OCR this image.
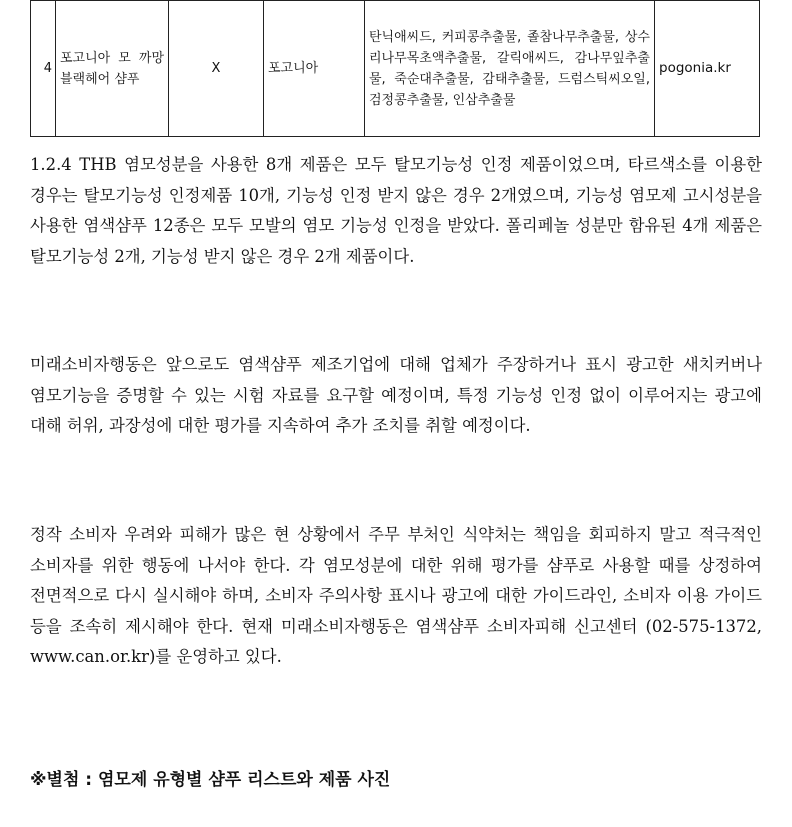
4	포고니아 모 까망 블랙헤어 샴푸	X	포고니아	탄닉애씨드, 커피콩추출물, 졸참나무추출물, 상수리나무목초액추출물, 갈릭애씨드, 감나무잎추출물, 죽순대추출물, 감태추출물, 드럼스틱씨오일, 검정콩추출물, 인삼추출물	pogonia.kr

1.2.4 THB 염모성분을 사용한 8개 제품은 모두 탈모기능성 인정 제품이었으며, 타르색소를 이용한 경우는 탈모기능성 인정제품 10개, 기능성 인정 받지 않은 경우 2개였으며, 기능성 염모제 고시성분을 사용한 염색샴푸 12종은 모두 모발의 염모 기능성 인정을 받았다. 폴리페놀 성분만 함유된 4개 제품은 탈모기능성 2개, 기능성 받지 않은 경우 2개 제품이다.

미래소비자행동은 앞으로도 염색샴푸 제조기업에 대해 업체가 주장하거나 표시 광고한 새치커버나 염모기능을 증명할 수 있는 시험 자료를 요구할 예정이며, 특정 기능성 인정 없이 이루어지는 광고에 대해 허위, 과장성에 대한 평가를 지속하여 추가 조치를 취할 예정이다.

정작 소비자 우려와 피해가 많은 현 상황에서 주무 부처인 식약처는 책임을 회피하지 말고 적극적인 소비자를 위한 행동에 나서야 한다. 각 염모성분에 대한 위해 평가를 샴푸로 사용할 때를 상정하여 전면적으로 다시 실시해야 하며, 소비자 주의사항 표시나 광고에 대한 가이드라인, 소비자 이용 가이드 등을 조속히 제시해야 한다. 현재 미래소비자행동은 염색샴푸 소비자피해 신고센터 (02-575-1372, www.can.or.kr)를 운영하고 있다.

※별첨 : 염모제 유형별 샴푸 리스트와 제품 사진
